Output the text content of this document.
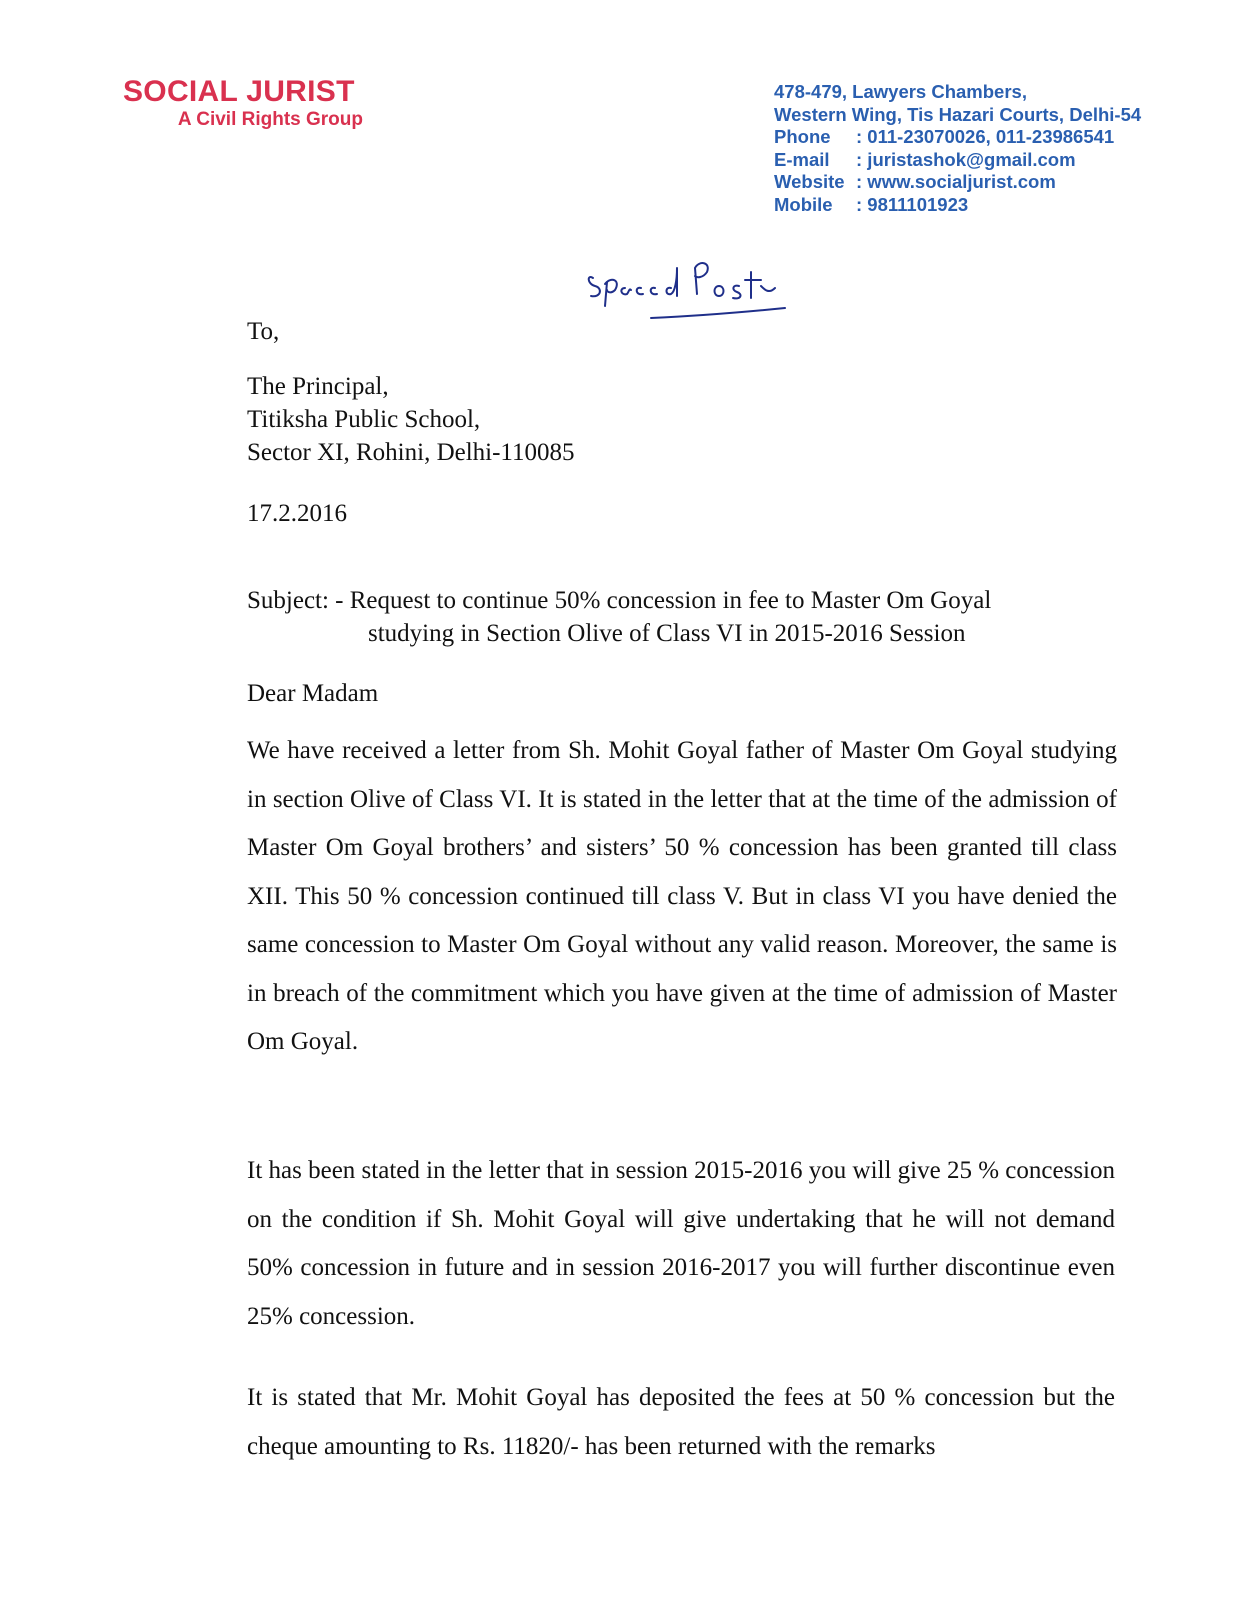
SOCIAL JURIST
A Civil Rights Group
478-479, Lawyers Chambers,
Western Wing, Tis Hazari Courts, Delhi-54
Phone : 011-23070026, 011-23986541
E-mail : juristashok@gmail.com
Website : www.socialjurist.com
Mobile : 9811101923
Speed Post
To,
The Principal,
Titiksha Public School,
Sector XI, Rohini, Delhi-110085
17.2.2016
Subject: - Request to continue 50% concession in fee to Master Om Goyal
studying in Section Olive of Class VI in 2015-2016 Session
Dear Madam
We have received a letter from Sh. Mohit Goyal father of Master Om Goyal studying in section Olive of Class VI. It is stated in the letter that at the time of the admission of Master Om Goyal brothers’ and sisters’ 50 % concession has been granted till class XII. This 50 % concession continued till class V. But in class VI you have denied the same concession to Master Om Goyal without any valid reason. Moreover, the same is in breach of the commitment which you have given at the time of admission of Master Om Goyal.
It has been stated in the letter that in session 2015-2016 you will give 25 % concession on the condition if Sh. Mohit Goyal will give undertaking that he will not demand 50% concession in future and in session 2016-2017 you will further discontinue even 25% concession.
It is stated that Mr. Mohit Goyal has deposited the fees at 50 % concession but the cheque amounting to Rs. 11820/- has been returned with the remarks
